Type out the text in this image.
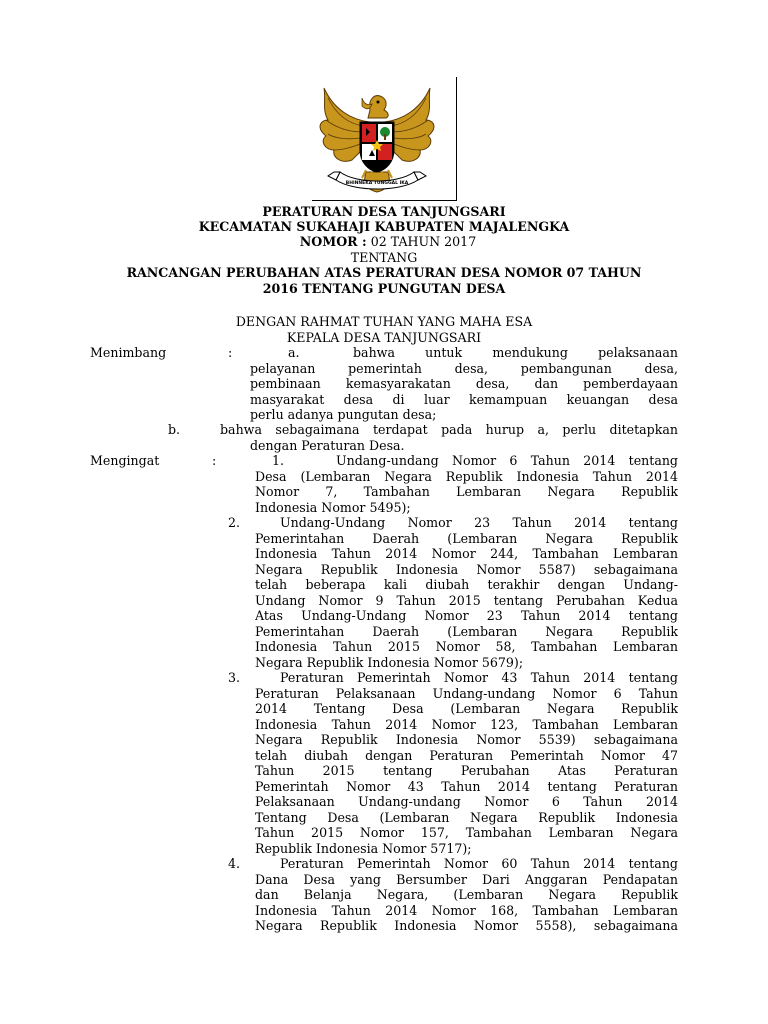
BHINNEKA TUNGGAL IKA
PERATURAN DESA TANJUNGSARI
KECAMATAN SUKAHAJI KABUPATEN MAJALENGKA
NOMOR : 02 TAHUN 2017
TENTANG
RANCANGAN PERUBAHAN ATAS PERATURAN DESA NOMOR 07 TAHUN
2016 TENTANG PUNGUTAN DESA
DENGAN RAHMAT TUHAN YANG MAHA ESA
KEPALA DESA TANJUNGSARI
Menimbang	:	a.	bahwa untuk mendukung pelaksanaan
pelayanan pemerintah desa, pembangunan desa,
pembinaan kemasyarakatan desa, dan pemberdayaan
masyarakat desa di luar kemampuan keuangan desa
perlu adanya pungutan desa;
b.	bahwa sebagaimana terdapat pada hurup a, perlu ditetapkan
dengan Peraturan Desa.
Mengingat	:	1.	Undang-undang Nomor 6 Tahun 2014 tentang
Desa (Lembaran Negara Republik Indonesia Tahun 2014
Nomor 7, Tambahan Lembaran Negara Republik
Indonesia Nomor 5495);
2.	Undang-Undang Nomor 23 Tahun 2014 tentang
Pemerintahan Daerah (Lembaran Negara Republik
Indonesia Tahun 2014 Nomor 244, Tambahan Lembaran
Negara Republik Indonesia Nomor 5587) sebagaimana
telah beberapa kali diubah terakhir dengan Undang-
Undang Nomor 9 Tahun 2015 tentang Perubahan Kedua
Atas Undang-Undang Nomor 23 Tahun 2014 tentang
Pemerintahan Daerah (Lembaran Negara Republik
Indonesia Tahun 2015 Nomor 58, Tambahan Lembaran
Negara Republik Indonesia Nomor 5679);
3.	Peraturan Pemerintah Nomor 43 Tahun 2014 tentang
Peraturan Pelaksanaan Undang-undang Nomor 6 Tahun
2014 Tentang Desa (Lembaran Negara Republik
Indonesia Tahun 2014 Nomor 123, Tambahan Lembaran
Negara Republik Indonesia Nomor 5539) sebagaimana
telah diubah dengan Peraturan Pemerintah Nomor 47
Tahun 2015 tentang Perubahan Atas Peraturan
Pemerintah Nomor 43 Tahun 2014 tentang Peraturan
Pelaksanaan Undang-undang Nomor 6 Tahun 2014
Tentang Desa (Lembaran Negara Republik Indonesia
Tahun 2015 Nomor 157, Tambahan Lembaran Negara
Republik Indonesia Nomor 5717);
4.	Peraturan Pemerintah Nomor 60 Tahun 2014 tentang
Dana Desa yang Bersumber Dari Anggaran Pendapatan
dan Belanja Negara, (Lembaran Negara Republik
Indonesia Tahun 2014 Nomor 168, Tambahan Lembaran
Negara Republik Indonesia Nomor 5558), sebagaimana
